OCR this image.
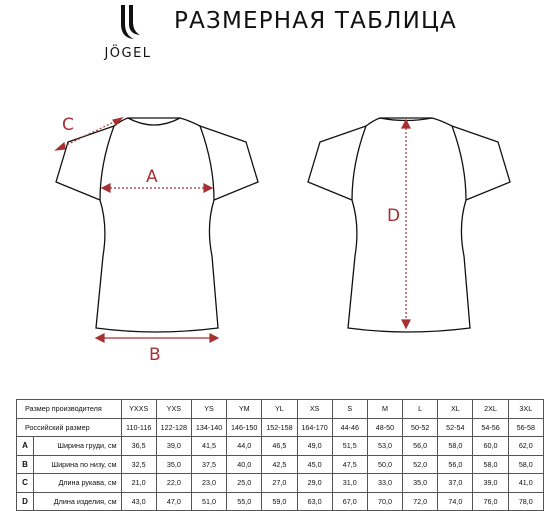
JÖGEL
РАЗМЕРНАЯ ТАБЛИЦА
C
A
B
D
Размер производителя		YXXS	YXS	YS	YM	YL	XS	S	M	L	XL	2XL	3XL
Российский размер		110-116	122-128	134-140	146-150	152-158	164-170	44-46	48-50	50-52	52-54	54-56	56-58
A	Ширина груди, см	36,5	39,0	41,5	44,0	46,5	49,0	51,5	53,0	56,0	58,0	60,0	62,0
B	Ширина по низу, см	32,5	35,0	37,5	40,0	42,5	45,0	47,5	50,0	52,0	56,0	58,0	58,0
C	Длина рукава, см	21,0	22,0	23,0	25,0	27,0	29,0	31,0	33,0	35,0	37,0	39,0	41,0
D	Длина изделия, см	43,0	47,0	51,0	55,0	59,0	63,0	67,0	70,0	72,0	74,0	76,0	78,0
